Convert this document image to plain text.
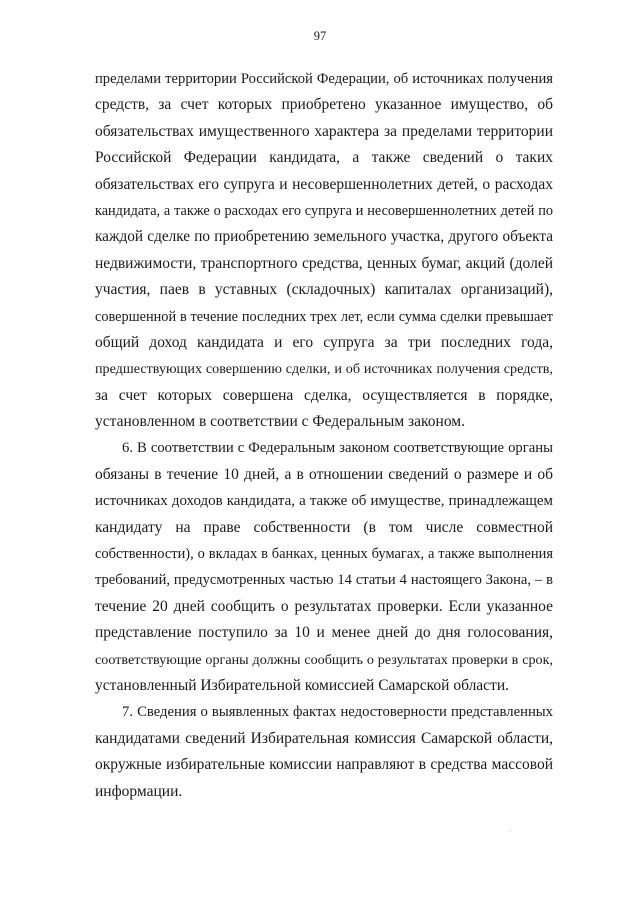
97
пределами территории Российской Федерации, об источниках получения
средств, за счет которых приобретено указанное имущество, об
обязательствах имущественного характера за пределами территории
Российской Федерации кандидата, а также сведений о таких
обязательствах его супруга и несовершеннолетних детей, о расходах
кандидата, а также о расходах его супруга и несовершеннолетних детей по
каждой сделке по приобретению земельного участка, другого объекта
недвижимости, транспортного средства, ценных бумаг, акций (долей
участия, паев в уставных (складочных) капиталах организаций),
совершенной в течение последних трех лет, если сумма сделки превышает
общий доход кандидата и его супруга за три последних года,
предшествующих совершению сделки, и об источниках получения средств,
за счет которых совершена сделка, осуществляется в порядке,
установленном в соответствии с Федеральным законом.
6. В соответствии с Федеральным законом соответствующие органы
обязаны в течение 10 дней, а в отношении сведений о размере и об
источниках доходов кандидата, а также об имуществе, принадлежащем
кандидату на праве собственности (в том числе совместной
собственности), о вкладах в банках, ценных бумагах, а также выполнения
требований, предусмотренных частью 14 статьи 4 настоящего Закона, – в
течение 20 дней сообщить о результатах проверки. Если указанное
представление поступило за 10 и менее дней до дня голосования,
соответствующие органы должны сообщить о результатах проверки в срок,
установленный Избирательной комиссией Самарской области.
7. Сведения о выявленных фактах недостоверности представленных
кандидатами сведений Избирательная комиссия Самарской области,
окружные избирательные комиссии направляют в средства массовой
информации.
